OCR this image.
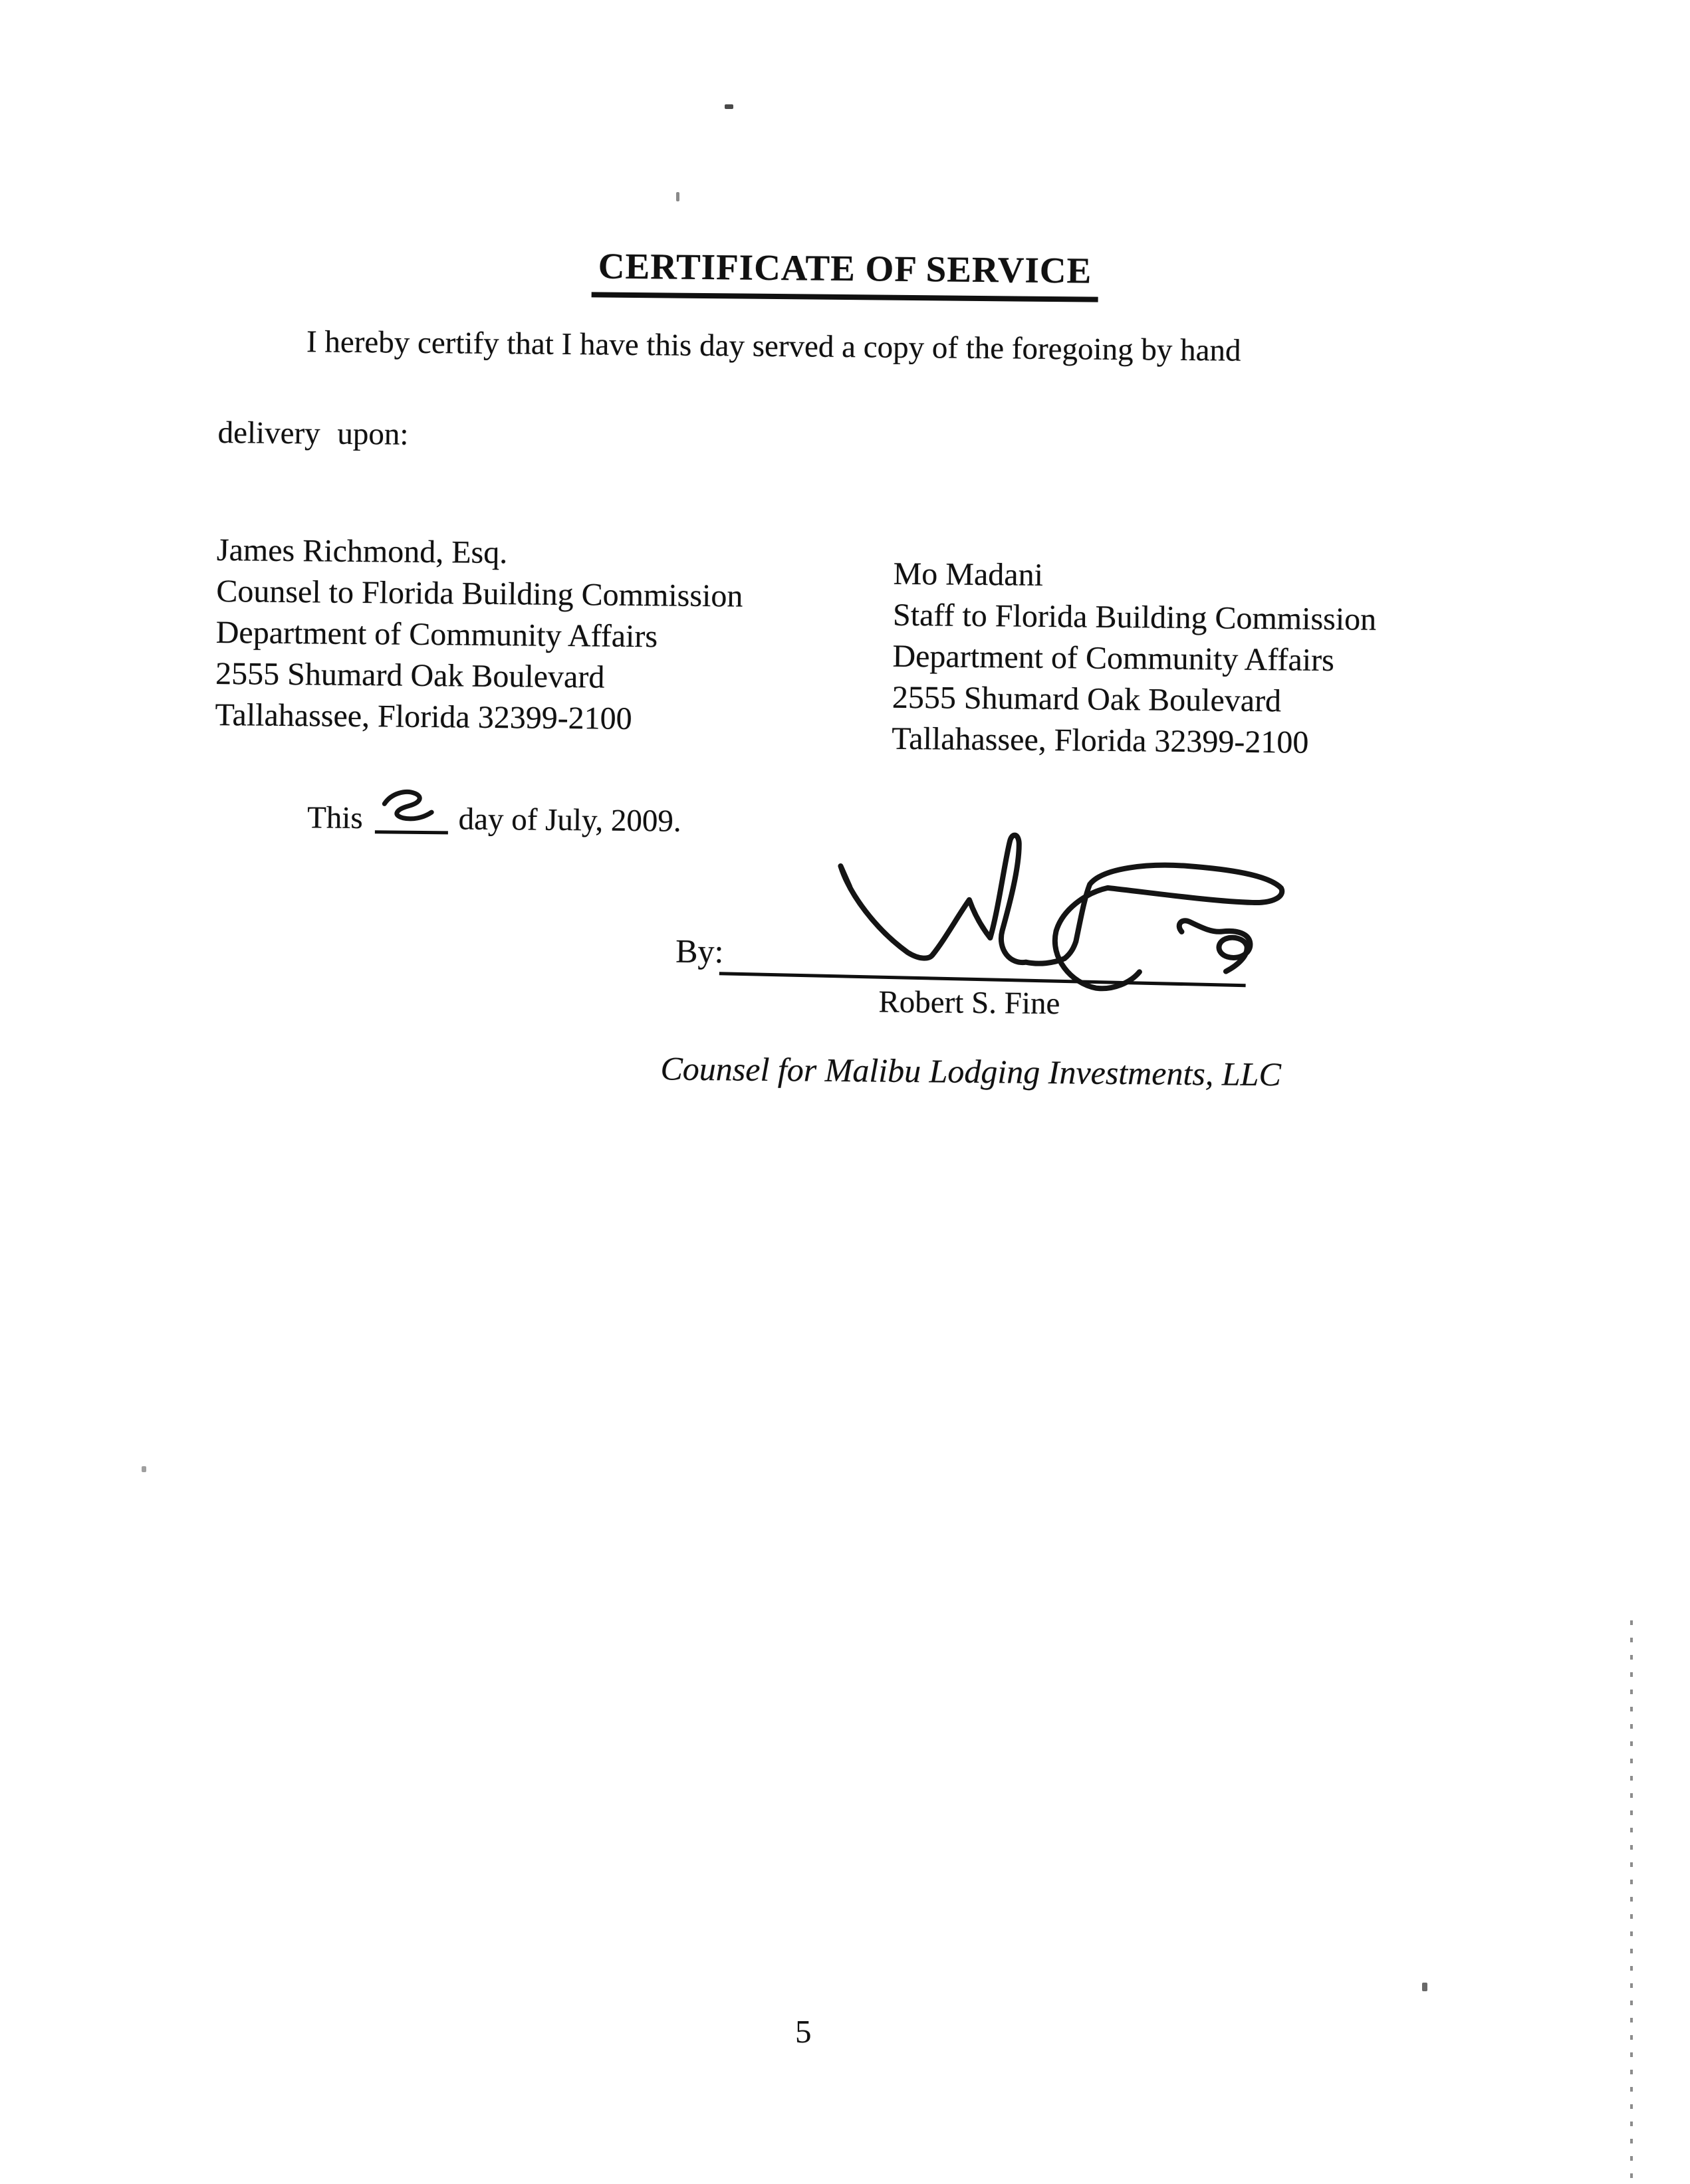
CERTIFICATE OF SERVICE
I hereby certify that I have this day served a copy of the foregoing by hand
delivery upon:
James Richmond, Esq.
Counsel to Florida Building Commission
Department of Community Affairs
2555 Shumard Oak Boulevard
Tallahassee, Florida 32399-2100
Mo Madani
Staff to Florida Building Commission
Department of Community Affairs
2555 Shumard Oak Boulevard
Tallahassee, Florida 32399-2100
This	day of July, 2009.
By:
Robert S. Fine
Counsel for Malibu Lodging Investments, LLC
5
